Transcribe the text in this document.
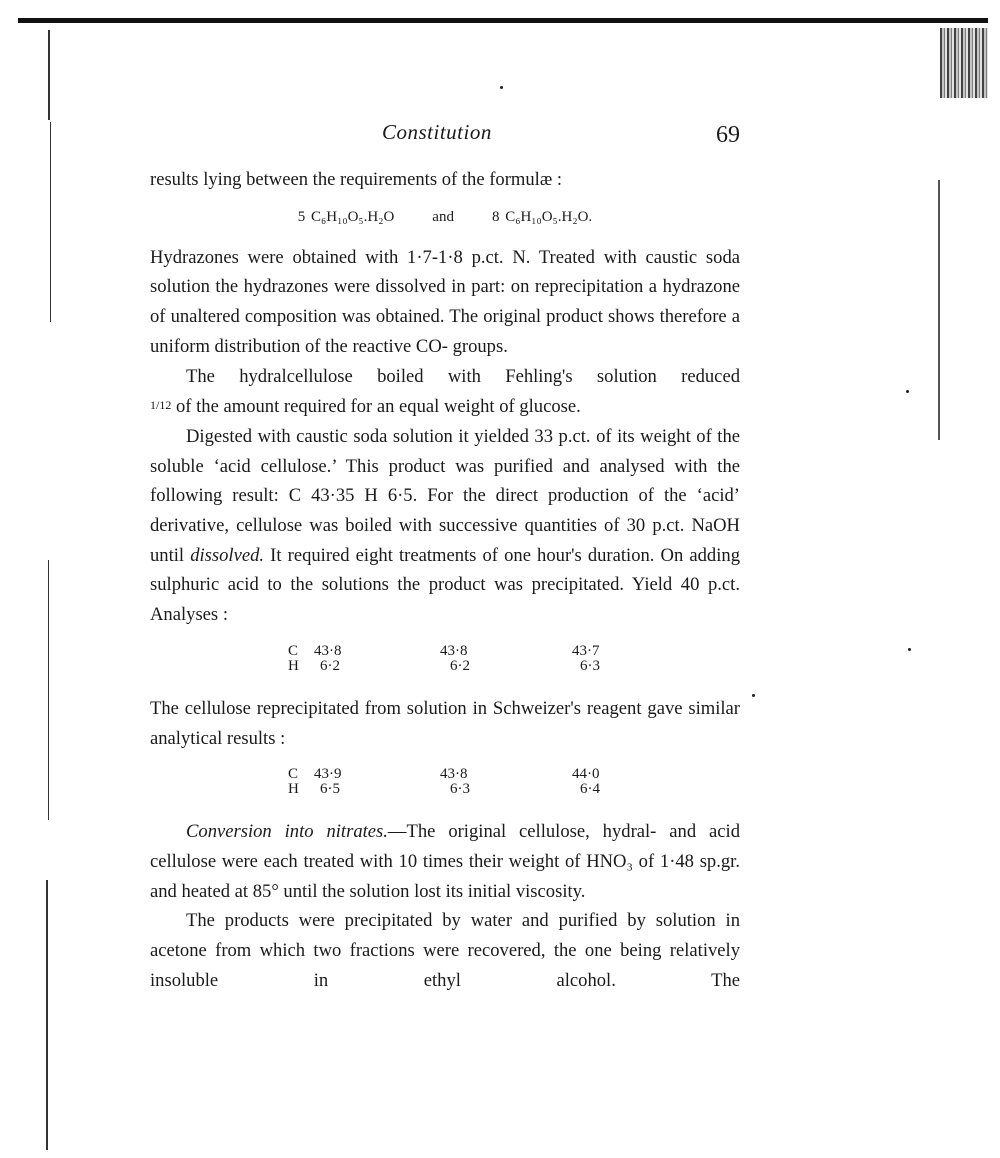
Constitution	69

results lying between the requirements of the formulæ :

5 C₆H₁₀O₅.H₂O	and	8 C₆H₁₀O₅.H₂O.

Hydrazones were obtained with 1·7-1·8 p.ct. N. Treated with caustic soda solution the hydrazones were dissolved in part: on reprecipitation a hydrazone of unaltered composition was obtained. The original product shows therefore a uniform distribution of the reactive CO- groups.

The hydralcellulose boiled with Fehling's solution reduced

1/12 of the amount required for an equal weight of glucose.

Digested with caustic soda solution it yielded 33 p.ct. of its weight of the soluble ‘acid cellulose.’ This product was purified and analysed with the following result: C 43·35 H 6·5. For the direct production of the ‘acid’ derivative, cellulose was boiled with successive quantities of 30 p.ct. NaOH until dissolved. It required eight treatments of one hour's duration. On adding sulphuric acid to the solutions the product was precipitated. Yield 40 p.ct. Analyses :

C	43·8	43·8	43·7
H	6·2	6·2	6·3

The cellulose reprecipitated from solution in Schweizer's reagent gave similar analytical results :

C	43·9	43·8	44·0
H	6·5	6·3	6·4

Conversion into nitrates.—The original cellulose, hydral- and acid cellulose were each treated with 10 times their weight of HNO₃ of 1·48 sp.gr. and heated at 85° until the solution lost its initial viscosity.

The products were precipitated by water and purified by solution in acetone from which two fractions were recovered, the one being relatively insoluble in ethyl alcohol. The
